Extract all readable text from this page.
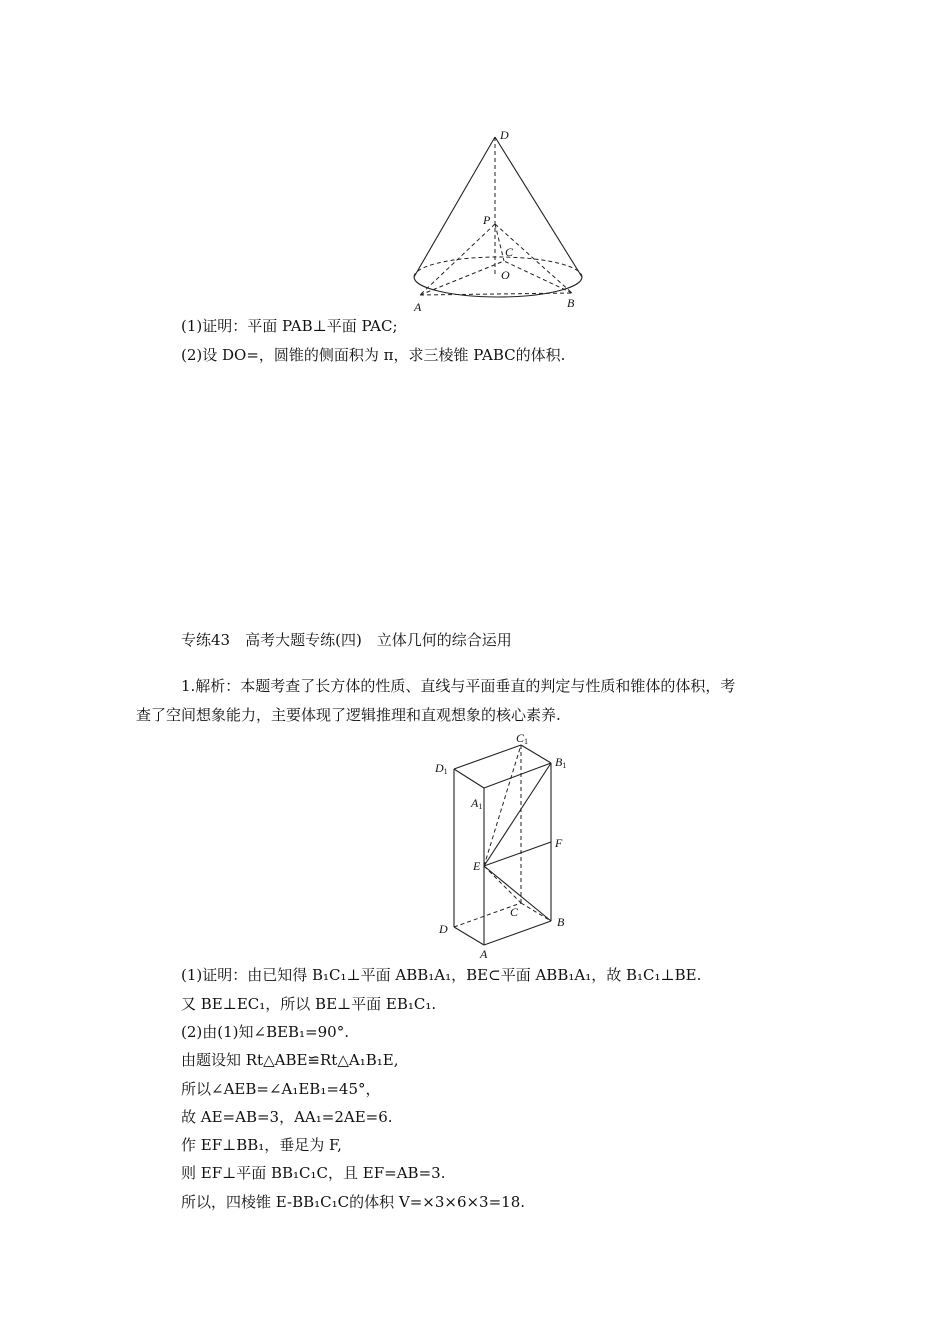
D
P
C
O
A	B
(1)证明：平面 PAB⊥平面 PAC;
(2)设 DO=，圆锥的侧面积为 π，求三棱锥 PABC的体积.
专练43　高考大题专练(四)　立体几何的综合运用
1.解析：本题考查了长方体的性质、直线与平面垂直的判定与性质和锥体的体积，考
查了空间想象能力，主要体现了逻辑推理和直观想象的核心素养.
C1
B1
D1
A1
E
F
C
D	B
A
(1)证明：由已知得 B₁C₁⊥平面 ABB₁A₁，BE⊂平面 ABB₁A₁，故 B₁C₁⊥BE.
又 BE⊥EC₁，所以 BE⊥平面 EB₁C₁.
(2)由(1)知∠BEB₁=90°.
由题设知 Rt△ABE≌Rt△A₁B₁E,
所以∠AEB=∠A₁EB₁=45°，
故 AE=AB=3，AA₁=2AE=6.
作 EF⊥BB₁，垂足为 F,
则 EF⊥平面 BB₁C₁C，且 EF=AB=3.
所以，四棱锥 E-BB₁C₁C的体积 V=×3×6×3=18.
